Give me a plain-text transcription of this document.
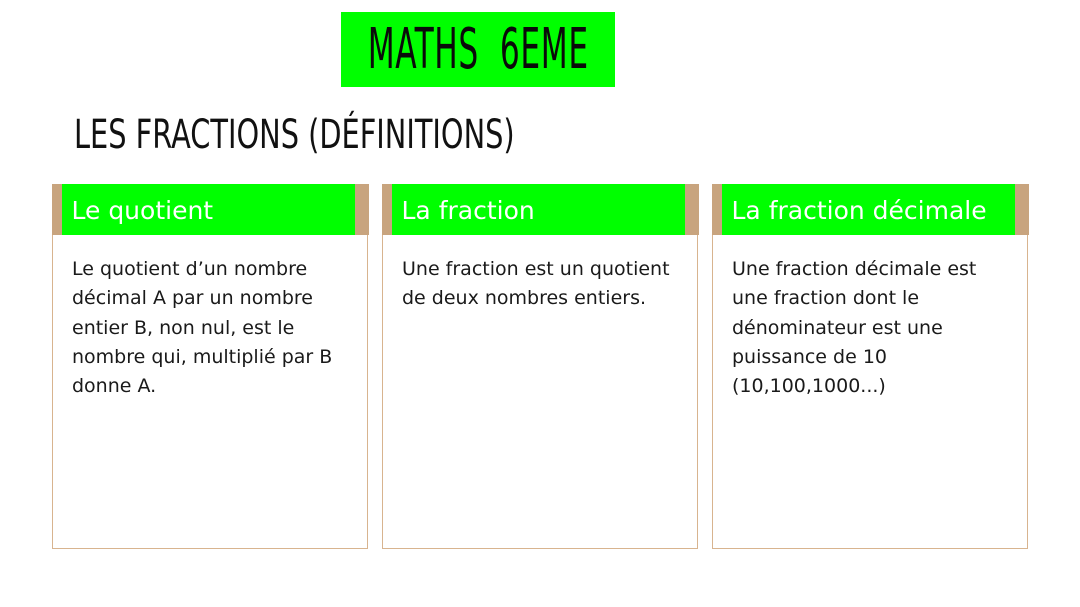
MATHS  6EME
LES FRACTIONS (DÉFINITIONS)
Le quotient
Le quotient d’un nombre décimal A par un nombre entier B, non nul, est le nombre qui, multiplié par B donne A.
La fraction
Une fraction est un quotient de deux nombres entiers.
La fraction décimale
Une fraction décimale est une fraction dont le dénominateur est une puissance de 10 (10,100,1000...)
